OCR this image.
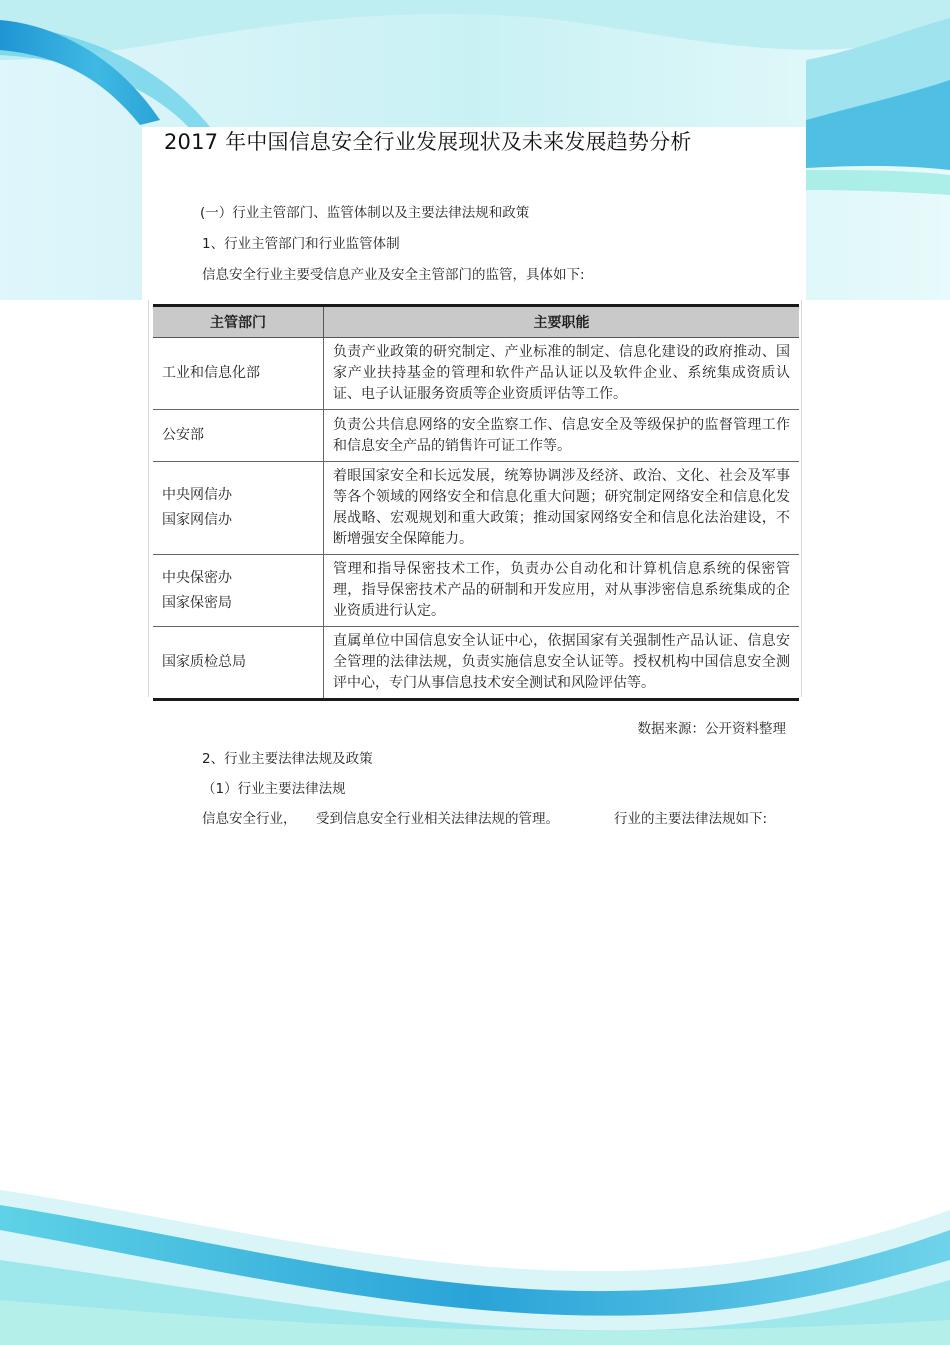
2017 年中国信息安全行业发展现状及未来发展趋势分析
(一）行业主管部门、监管体制以及主要法律法规和政策
1、行业主管部门和行业监管体制
信息安全行业主要受信息产业及安全主管部门的监管，具体如下:
主管部门	主要职能

工业和信息化部	负责产业政策的研究制定、产业标准的制定、信息化建设的政府推动、国家产业扶持基金的管理和软件产品认证以及软件企业、系统集成资质认证、电子认证服务资质等企业资质评估等工作。

公安部	负责公共信息网络的安全监察工作、信息安全及等级保护的监督管理工作和信息安全产品的销售许可证工作等。

中央网信办
国家网信办	着眼国家安全和长远发展，统筹协调涉及经济、政治、文化、社会及军事等各个领域的网络安全和信息化重大问题；研究制定网络安全和信息化发展战略、宏观规划和重大政策；推动国家网络安全和信息化法治建设，不断增强安全保障能力。

中央保密办
国家保密局	管理和指导保密技术工作，负责办公自动化和计算机信息系统的保密管理，指导保密技术产品的研制和开发应用，对从事涉密信息系统集成的企业资质进行认定。

国家质检总局	直属单位中国信息安全认证中心，依据国家有关强制性产品认证、信息安全管理的法律法规，负责实施信息安全认证等。授权机构中国信息安全测评中心，专门从事信息技术安全测试和风险评估等。
数据来源：公开资料整理
2、行业主要法律法规及政策
（1）行业主要法律法规
信息安全行业， 受到信息安全行业相关法律法规的管理。	行业的主要法律法规如下:
